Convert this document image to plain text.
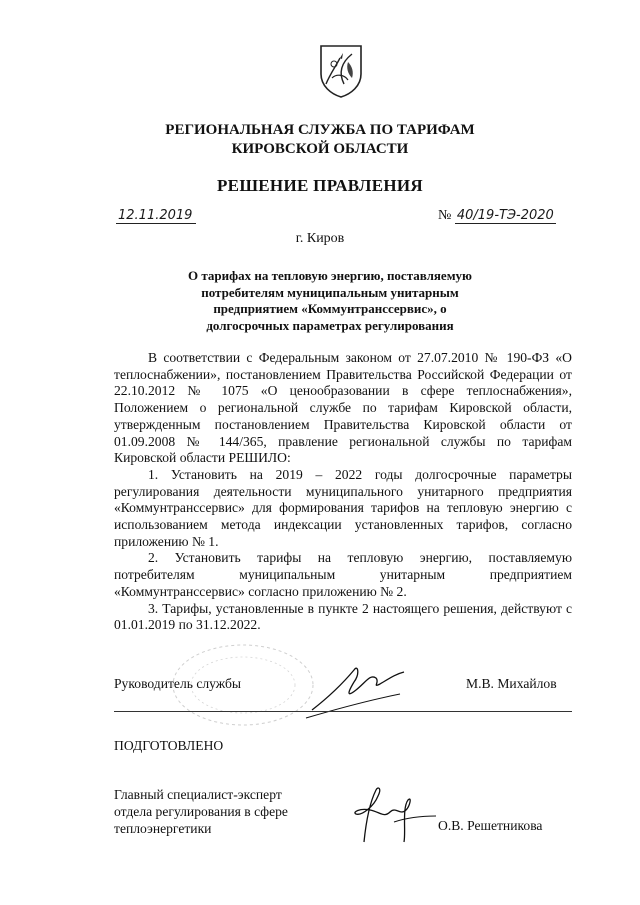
РЕГИОНАЛЬНАЯ СЛУЖБА ПО ТАРИФАМ
КИРОВСКОЙ ОБЛАСТИ
РЕШЕНИЕ ПРАВЛЕНИЯ
12.11.2019	№ 40/19-ТЭ-2020
г. Киров
О тарифах на тепловую энергию, поставляемую
потребителям муниципальным унитарным
предприятием «Коммунтранссервис», о
долгосрочных параметрах регулирования

В соответствии с Федеральным законом от 27.07.2010 № 190-ФЗ «О теплоснабжении», постановлением Правительства Российской Федерации от 22.10.2012 № 1075 «О ценообразовании в сфере теплоснабжения», Положением о региональной службе по тарифам Кировской области, утвержденным постановлением Правительства Кировской области от 01.09.2008 № 144/365, правление региональной службы по тарифам Кировской области РЕШИЛО:

1. Установить на 2019 – 2022 годы долгосрочные параметры регулирования деятельности муниципального унитарного предприятия «Коммунтранссервис» для формирования тарифов на тепловую энергию с использованием метода индексации установленных тарифов, согласно приложению № 1.

2. Установить тарифы на тепловую энергию, поставляемую потребителям муниципальным унитарным предприятием «Коммунтранссервис» согласно приложению № 2.

3. Тарифы, установленные в пункте 2 настоящего решения, действуют с 01.01.2019 по 31.12.2022.

Руководитель службы	М.В. Михайлов
ПОДГОТОВЛЕНО
Главный специалист-эксперт
отдела регулирования в сфере
теплоэнергетики	О.В. Решетникова
